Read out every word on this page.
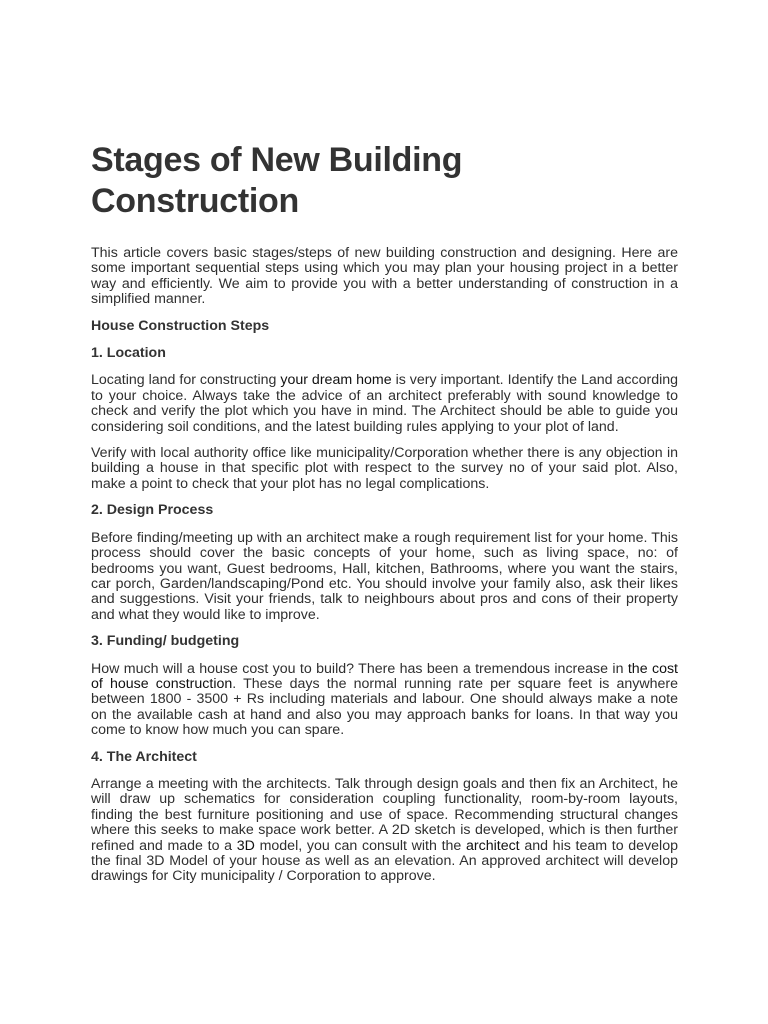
Stages of New Building Construction

This article covers basic stages/steps of new building construction and designing. Here are some important sequential steps using which you may plan your housing project in a better way and efficiently. We aim to provide you with a better understanding of construction in a simplified manner.

House Construction Steps
1. Location

Locating land for constructing your dream home is very important. Identify the Land according to your choice. Always take the advice of an architect preferably with sound knowledge to check and verify the plot which you have in mind. The Architect should be able to guide you considering soil conditions, and the latest building rules applying to your plot of land.

Verify with local authority office like municipality/Corporation whether there is any objection in building a house in that specific plot with respect to the survey no of your said plot. Also, make a point to check that your plot has no legal complications.

2. Design Process

Before finding/meeting up with an architect make a rough requirement list for your home. This process should cover the basic concepts of your home, such as living space, no: of bedrooms you want, Guest bedrooms, Hall, kitchen, Bathrooms, where you want the stairs, car porch, Garden/landscaping/Pond etc. You should involve your family also, ask their likes and suggestions. Visit your friends, talk to neighbours about pros and cons of their property and what they would like to improve.

3. Funding/ budgeting

How much will a house cost you to build? There has been a tremendous increase in the cost of house construction. These days the normal running rate per square feet is anywhere between 1800 - 3500 + Rs including materials and labour. One should always make a note on the available cash at hand and also you may approach banks for loans. In that way you come to know how much you can spare.

4. The Architect

Arrange a meeting with the architects. Talk through design goals and then fix an Architect, he will draw up schematics for consideration coupling functionality, room-by-room layouts, finding the best furniture positioning and use of space. Recommending structural changes where this seeks to make space work better. A 2D sketch is developed, which is then further refined and made to a 3D model, you can consult with the architect and his team to develop the final 3D Model of your house as well as an elevation. An approved architect will develop drawings for City municipality / Corporation to approve.
